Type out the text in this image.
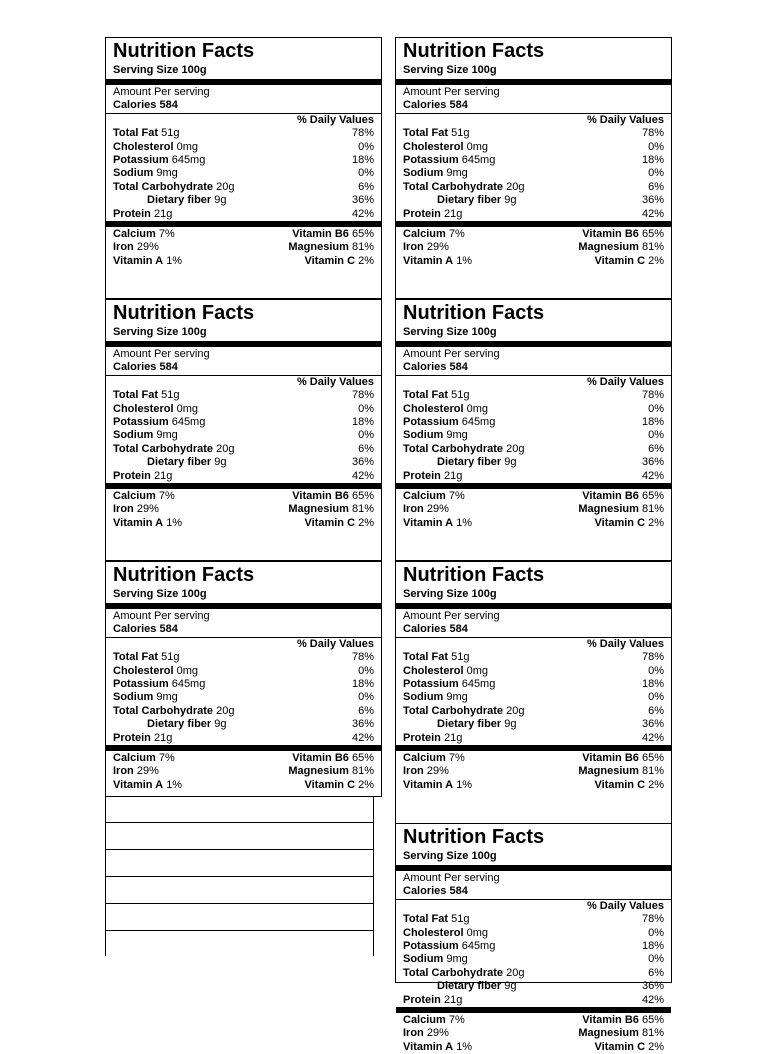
Nutrition Facts
Serving Size 100g
Amount Per serving
Calories 584
% Daily Values
Total Fat 51g	78%
Cholesterol 0mg	0%
Potassium 645mg	18%
Sodium 9mg	0%
Total Carbohydrate 20g	6%
Dietary fiber 9g	36%
Protein 21g	42%
Calcium 7%	Vitamin B6 65%
Iron 29%	Magnesium 81%
Vitamin A 1%	Vitamin C 2%
Nutrition Facts
Serving Size 100g
Amount Per serving
Calories 584
% Daily Values
Total Fat 51g	78%
Cholesterol 0mg	0%
Potassium 645mg	18%
Sodium 9mg	0%
Total Carbohydrate 20g	6%
Dietary fiber 9g	36%
Protein 21g	42%
Calcium 7%	Vitamin B6 65%
Iron 29%	Magnesium 81%
Vitamin A 1%	Vitamin C 2%
Nutrition Facts
Serving Size 100g
Amount Per serving
Calories 584
% Daily Values
Total Fat 51g	78%
Cholesterol 0mg	0%
Potassium 645mg	18%
Sodium 9mg	0%
Total Carbohydrate 20g	6%
Dietary fiber 9g	36%
Protein 21g	42%
Calcium 7%	Vitamin B6 65%
Iron 29%	Magnesium 81%
Vitamin A 1%	Vitamin C 2%
Nutrition Facts
Serving Size 100g
Amount Per serving
Calories 584
% Daily Values
Total Fat 51g	78%
Cholesterol 0mg	0%
Potassium 645mg	18%
Sodium 9mg	0%
Total Carbohydrate 20g	6%
Dietary fiber 9g	36%
Protein 21g	42%
Calcium 7%	Vitamin B6 65%
Iron 29%	Magnesium 81%
Vitamin A 1%	Vitamin C 2%
Nutrition Facts
Serving Size 100g
Amount Per serving
Calories 584
% Daily Values
Total Fat 51g	78%
Cholesterol 0mg	0%
Potassium 645mg	18%
Sodium 9mg	0%
Total Carbohydrate 20g	6%
Dietary fiber 9g	36%
Protein 21g	42%
Calcium 7%	Vitamin B6 65%
Iron 29%	Magnesium 81%
Vitamin A 1%	Vitamin C 2%
Nutrition Facts
Serving Size 100g
Amount Per serving
Calories 584
% Daily Values
Total Fat 51g	78%
Cholesterol 0mg	0%
Potassium 645mg	18%
Sodium 9mg	0%
Total Carbohydrate 20g	6%
Dietary fiber 9g	36%
Protein 21g	42%
Calcium 7%	Vitamin B6 65%
Iron 29%	Magnesium 81%
Vitamin A 1%	Vitamin C 2%
Nutrition Facts
Serving Size 100g
Amount Per serving
Calories 584
% Daily Values
Total Fat 51g	78%
Cholesterol 0mg	0%
Potassium 645mg	18%
Sodium 9mg	0%
Total Carbohydrate 20g	6%
Dietary fiber 9g	36%
Protein 21g	42%
Calcium 7%	Vitamin B6 65%
Iron 29%	Magnesium 81%
Vitamin A 1%	Vitamin C 2%
